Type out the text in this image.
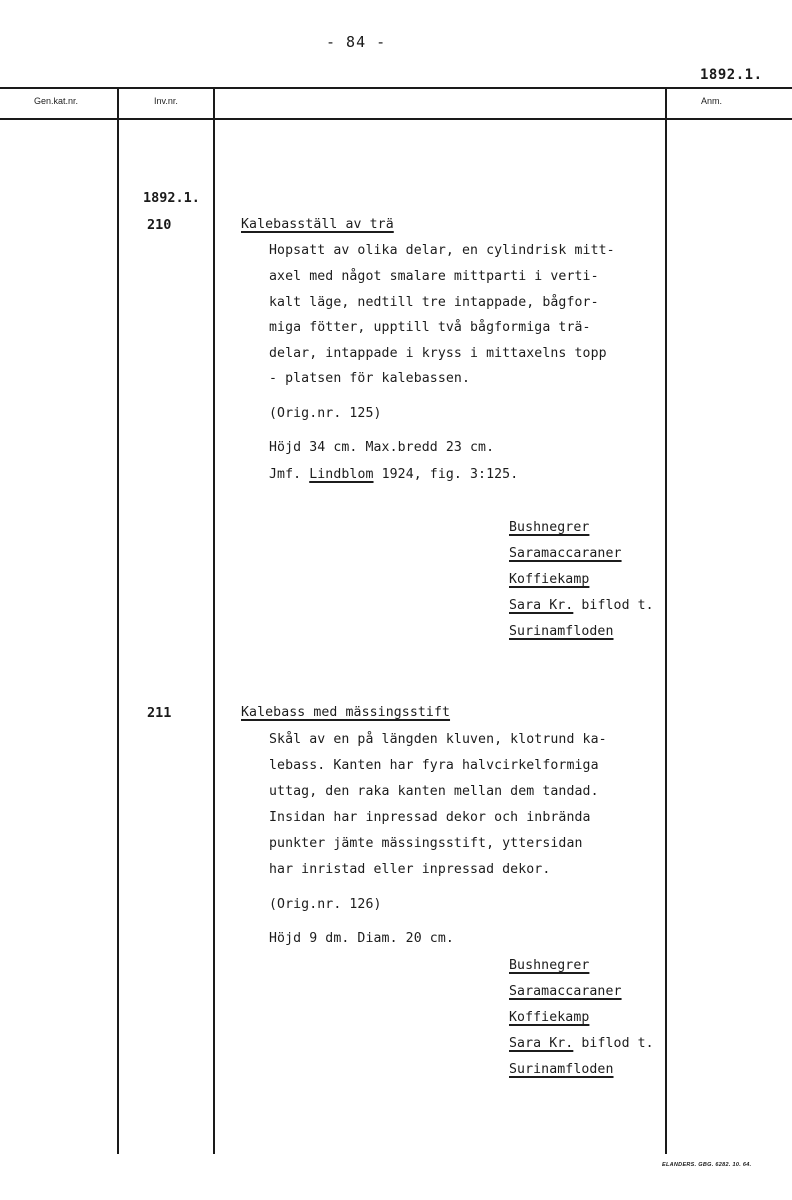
- 84 -
1892.1.
Gen.kat.nr.	Inv.nr.	Anm.
1892.1.
210	Kalebasställ av trä
Hopsatt av olika delar, en cylindrisk mitt-
axel med något smalare mittparti i verti-
kalt läge, nedtill tre intappade, bågfor-
miga fötter, upptill två bågformiga trä-
delar, intappade i kryss i mittaxelns topp
- platsen för kalebassen.
(Orig.nr. 125)
Höjd 34 cm. Max.bredd 23 cm.
Jmf. Lindblom 1924, fig. 3:125.
Bushnegrer
Saramaccaraner
Koffiekamp
Sara Kr. biflod t.
Surinamfloden
211	Kalebass med mässingsstift
Skål av en på längden kluven, klotrund ka-
lebass. Kanten har fyra halvcirkelformiga
uttag, den raka kanten mellan dem tandad.
Insidan har inpressad dekor och inbrända
punkter jämte mässingsstift, yttersidan
har inristad eller inpressad dekor.
(Orig.nr. 126)
Höjd 9 dm. Diam. 20 cm.
Bushnegrer
Saramaccaraner
Koffiekamp
Sara Kr. biflod t.
Surinamfloden
ELANDERS. GBG. 6282. 10. 64.
